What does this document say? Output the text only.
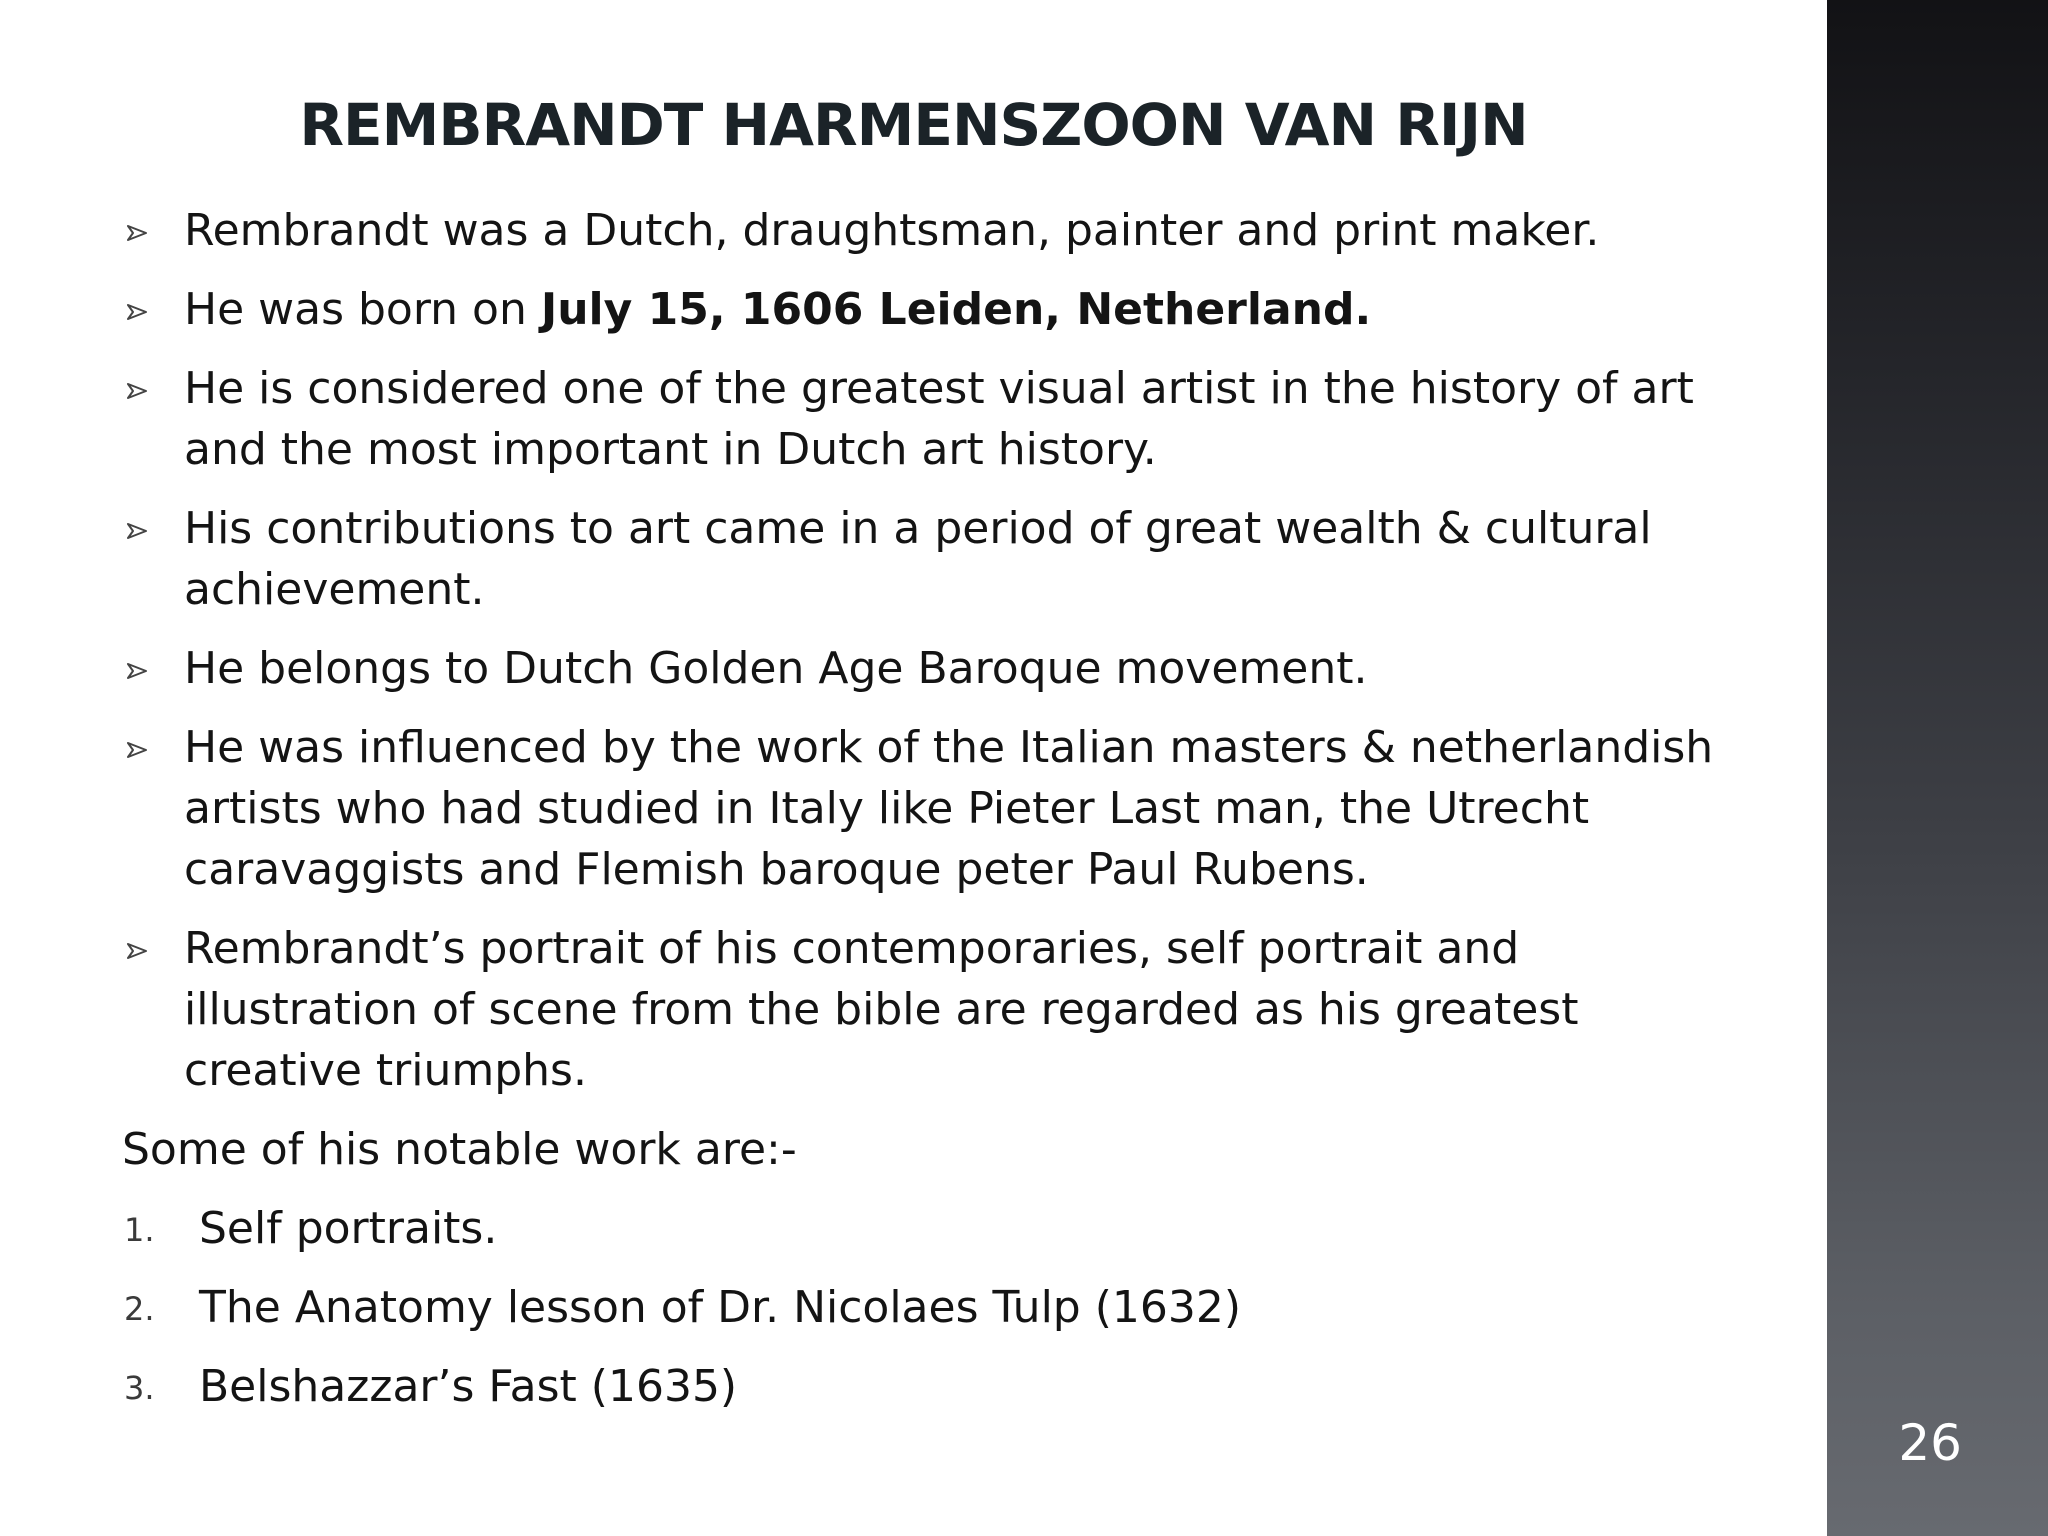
26
REMBRANDT HARMENSZOON VAN RIJN
Rembrandt was a Dutch, draughtsman, painter and print maker.
He was born on July 15, 1606 Leiden, Netherland.
He is considered one of the greatest visual artist in the history of art and the most important in Dutch art history.
His contributions to art came in a period of great wealth & cultural achievement.
He belongs to Dutch Golden Age Baroque movement.
He was influenced by the work of the Italian masters & netherlandish artists who had studied in Italy like Pieter Last man, the Utrecht caravaggists and Flemish baroque peter Paul Rubens.
Rembrandt’s portrait of his contemporaries, self portrait and illustration of scene from the bible are regarded as his greatest creative triumphs.
Some of his notable work are:-
1. Self portraits.
2. The Anatomy lesson of Dr. Nicolaes Tulp (1632)
3. Belshazzar’s Fast (1635)
